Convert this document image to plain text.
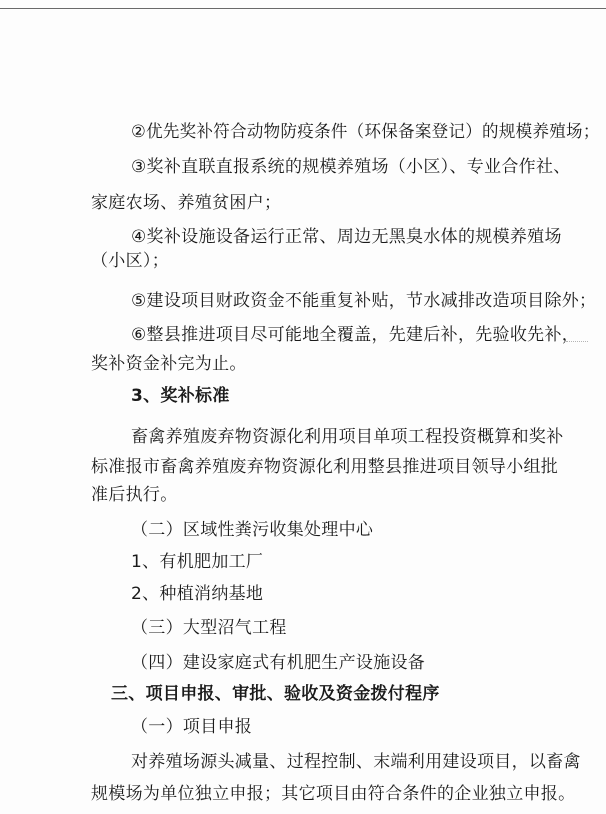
②优先奖补符合动物防疫条件（环保备案登记）的规模养殖场；
③奖补直联直报系统的规模养殖场（小区）、专业合作社、
家庭农场、养殖贫困户；
④奖补设施设备运行正常、周边无黑臭水体的规模养殖场
（小区）；
⑤建设项目财政资金不能重复补贴，节水减排改造项目除外；
⑥整县推进项目尽可能地全覆盖，先建后补，先验收先补，
奖补资金补完为止。
3、奖补标准
畜禽养殖废弃物资源化利用项目单项工程投资概算和奖补
标准报市畜禽养殖废弃物资源化利用整县推进项目领导小组批
准后执行。
（二）区域性粪污收集处理中心
1、有机肥加工厂
2、种植消纳基地
（三）大型沼气工程
（四）建设家庭式有机肥生产设施设备
三、项目申报、审批、验收及资金拨付程序
（一）项目申报
对养殖场源头减量、过程控制、末端利用建设项目，以畜禽
规模场为单位独立申报；其它项目由符合条件的企业独立申报。
